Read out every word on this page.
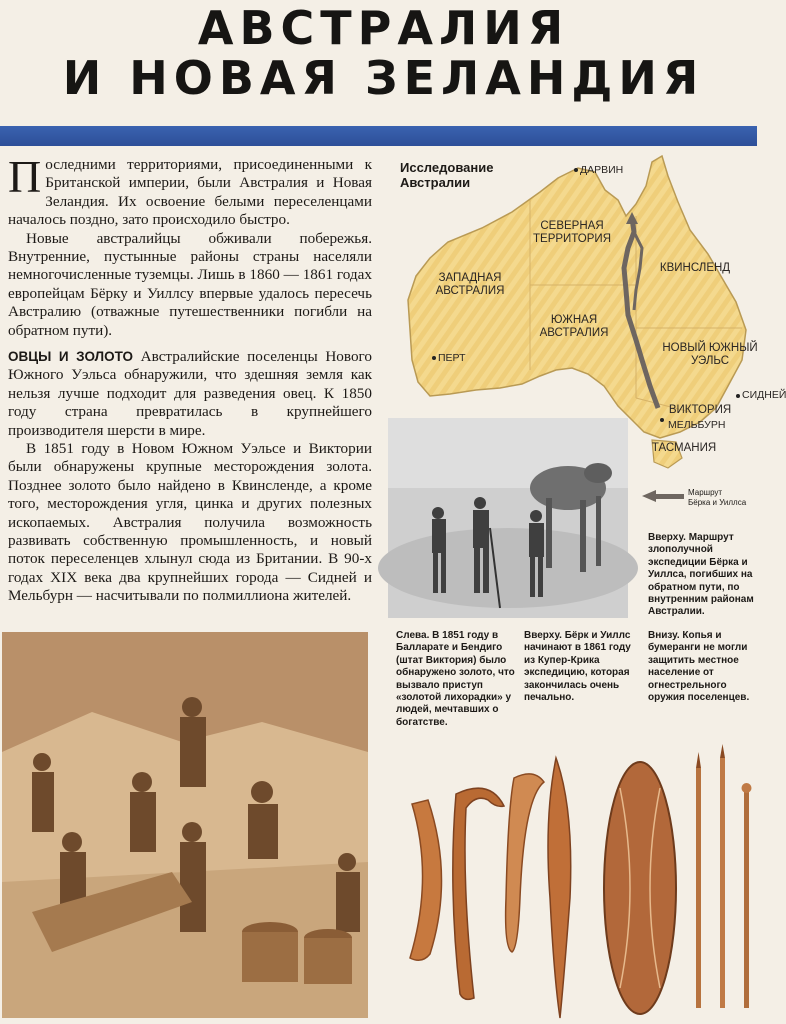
АВСТРАЛИЯ
И НОВАЯ ЗЕЛАНДИЯ
Последними территориями, присоединенными к Британской империи, были Австралия и Новая Зеландия. Их освоение белыми переселенцами началось поздно, зато происходило быстро.
Новые австралийцы обживали побережья. Внутренние, пустынные районы страны населяли немногочисленные туземцы. Лишь в 1860 — 1861 годах европейцам Бёрку и Уиллсу впервые удалось пересечь Австралию (отважные путешественники погибли на обратном пути).
ОВЦЫ И ЗОЛОТО Австралийские поселенцы Нового Южного Уэльса обнаружили, что здешняя земля как нельзя лучше подходит для разведения овец. К 1850 году страна превратилась в крупнейшего производителя шерсти в мире.
В 1851 году в Новом Южном Уэльсе и Виктории были обнаружены крупные месторождения золота. Позднее золото было найдено в Квинсленде, а кроме того, месторождения угля, цинка и других полезных ископаемых. Австралия получила возможность развивать собственную промышленность, и новый поток переселенцев хлынул сюда из Британии. В 90-х годах XIX века два крупнейших города — Сидней и Мельбурн — насчитывали по полмиллиона жителей.
Исследование
Австралии
СЕВЕРНАЯ
ТЕРРИТОРИЯ
ЗАПАДНАЯ
АВСТРАЛИЯ
ЮЖНАЯ
АВСТРАЛИЯ
КВИНСЛЕНД
НОВЫЙ ЮЖНЫЙ
УЭЛЬС
ВИКТОРИЯ
ТАСМАНИЯ
ДАРВИН
ПЕРТ
СИДНЕЙ
МЕЛЬБУРН
Маршрут
Бёрка и Уиллса
Слева. В 1851 году в Балларате и Бендиго (штат Виктория) было обнаружено золото, что вызвало приступ «золотой лихорадки» у людей, мечтавших о богатстве.
Вверху. Бёрк и Уиллс начинают в 1861 году из Купер-Крика экспедицию, которая закончилась очень печально.
Вверху. Маршрут злополучной экспедиции Бёрка и Уиллса, погибших на обратном пути, по внутренним районам Австралии.
Внизу. Копья и бумеранги не могли защитить местное население от огнестрельного оружия поселенцев.
